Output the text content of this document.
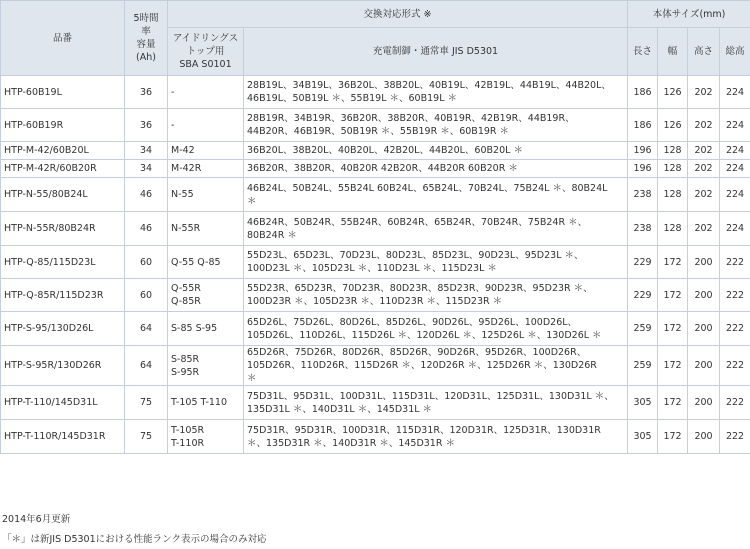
品番	5時間
率
容量
(Ah)	交換対応形式 ※		本体サイズ(mm)			

		アイドリングス
トップ用
SBA S0101	充電制御・通常車 JIS D5301	長さ	幅	高さ	総高
HTP-60B19L	36	-	28B19L、34B19L、36B20L、38B20L、40B19L、42B19L、44B19L、44B20L、
46B19L、50B19L ＊、55B19L ＊、60B19L ＊	186	126	202	224
HTP-60B19R	36	-	28B19R、34B19R、36B20R、38B20R、40B19R、42B19R、44B19R、
44B20R、46B19R、50B19R ＊、55B19R ＊、60B19R ＊	186	126	202	224
HTP-M-42/60B20L	34	M-42	36B20L、38B20L、40B20L、42B20L、44B20L、60B20L ＊	196	128	202	224
HTP-M-42R/60B20R	34	M-42R	36B20R、38B20R、40B20R 42B20R、44B20R 60B20R ＊	196	128	202	224
HTP-N-55/80B24L	46	N-55	46B24L、50B24L、55B24L 60B24L、65B24L、70B24L、75B24L ＊、80B24L
＊	238	128	202	224
HTP-N-55R/80B24R	46	N-55R	46B24R、50B24R、55B24R、60B24R、65B24R、70B24R、75B24R ＊、
80B24R ＊	238	128	202	224
HTP-Q-85/115D23L	60	Q-55 Q-85	55D23L、65D23L、70D23L、80D23L、85D23L、90D23L、95D23L ＊、
100D23L ＊、105D23L ＊、110D23L ＊、115D23L ＊	229	172	200	222
HTP-Q-85R/115D23R	60	Q-55R
Q-85R	55D23R、65D23R、70D23R、80D23R、85D23R、90D23R、95D23R ＊、
100D23R ＊、105D23R ＊、110D23R ＊、115D23R ＊	229	172	200	222
HTP-S-95/130D26L	64	S-85 S-95	65D26L、75D26L、80D26L、85D26L、90D26L、95D26L、100D26L、
105D26L、110D26L、115D26L ＊、120D26L ＊、125D26L ＊、130D26L ＊	259	172	200	222
HTP-S-95R/130D26R	64	S-85R
S-95R	65D26R、75D26R、80D26R、85D26R、90D26R、95D26R、100D26R、
105D26R、110D26R、115D26R ＊、120D26R ＊、125D26R ＊、130D26R
＊	259	172	200	222
HTP-T-110/145D31L	75	T-105 T-110	75D31L、95D31L、100D31L、115D31L、120D31L、125D31L、130D31L ＊、
135D31L ＊、140D31L ＊、145D31L ＊	305	172	200	222
HTP-T-110R/145D31R	75	T-105R
T-110R	75D31R、95D31R、100D31R、115D31R、120D31R、125D31R、130D31R
＊、135D31R ＊、140D31R ＊、145D31R ＊	305	172	200	222
2014年6月更新
「＊」は新JIS D5301における性能ランク表示の場合のみ対応
